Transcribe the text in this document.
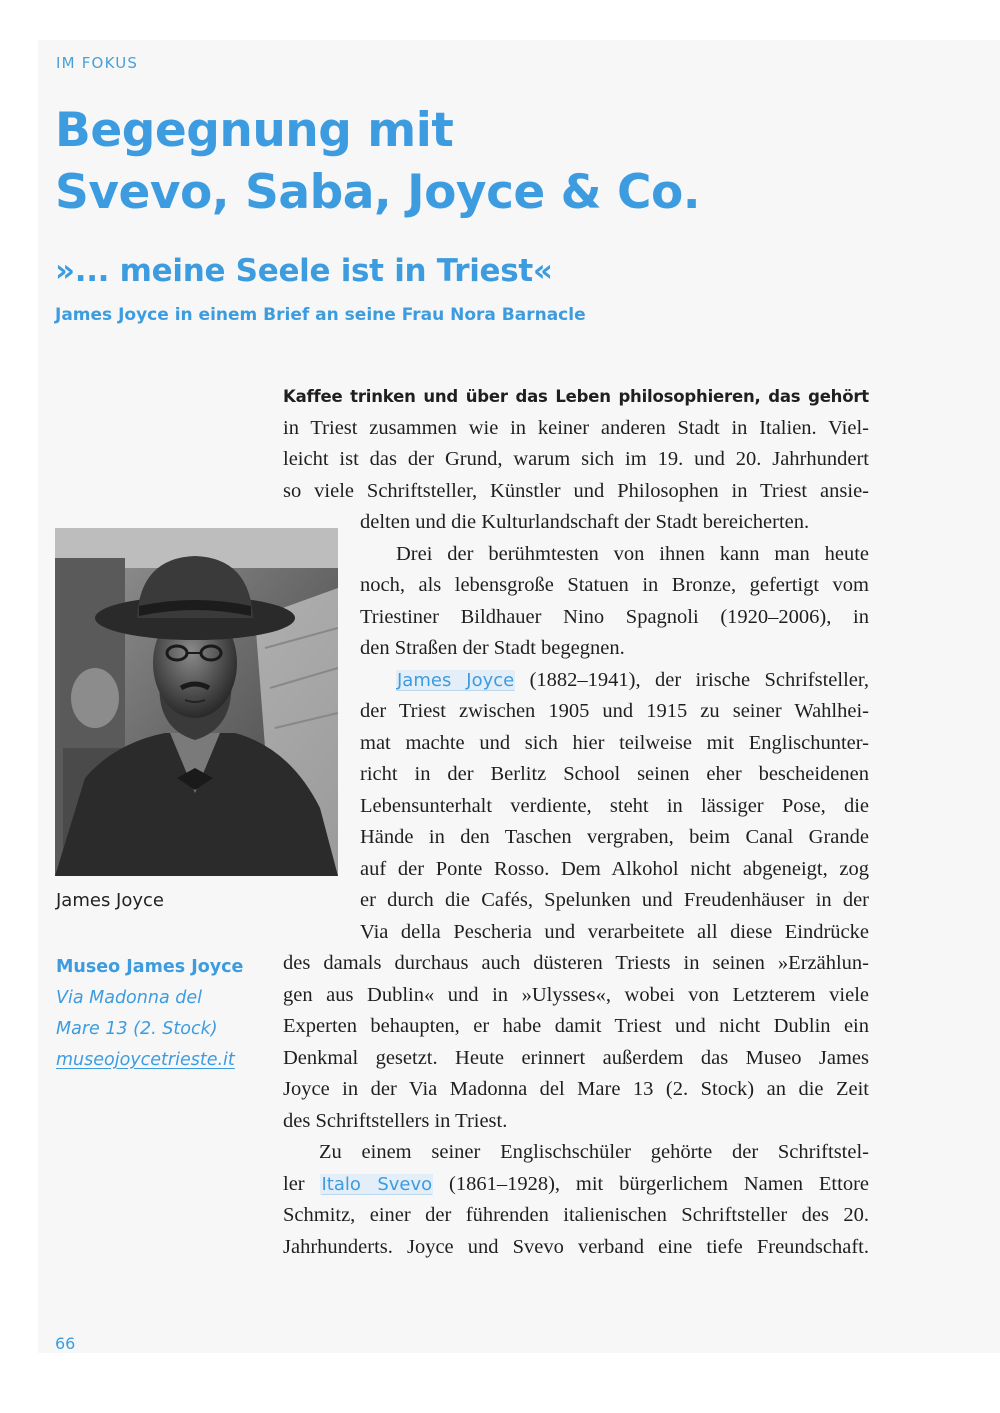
IM FOKUS
Begegnung mit
Svevo, Saba, Joyce & Co.
»... meine Seele ist in Triest«
James Joyce in einem Brief an seine Frau Nora Barnacle
James Joyce
Museo James Joyce
Via Madonna del
Mare 13 (2. Stock)
museojoycetrieste.it
Kaffee trinken und über das Leben philosophieren, das gehört
in Triest zusammen wie in keiner anderen Stadt in Italien. Viel-
leicht ist das der Grund, warum sich im 19. und 20. Jahrhundert
so viele Schriftsteller, Künstler und Philosophen in Triest ansie-
delten und die Kulturlandschaft der Stadt bereicherten.
Drei der berühmtesten von ihnen kann man heute
noch, als lebensgroße Statuen in Bronze, gefertigt vom
Triestiner Bildhauer Nino Spagnoli (1920–2006), in
den Straßen der Stadt begegnen.
James Joyce (1882–1941), der irische Schrifsteller,
der Triest zwischen 1905 und 1915 zu seiner Wahlhei-
mat machte und sich hier teilweise mit Englischunter-
richt in der Berlitz School seinen eher bescheidenen
Lebensunterhalt verdiente, steht in lässiger Pose, die
Hände in den Taschen vergraben, beim Canal Grande
auf der Ponte Rosso. Dem Alkohol nicht abgeneigt, zog
er durch die Cafés, Spelunken und Freudenhäuser in der
Via della Pescheria und verarbeitete all diese Eindrücke
des damals durchaus auch düsteren Triests in seinen »Erzählun-
gen aus Dublin« und in »Ulysses«, wobei von Letzterem viele
Experten behaupten, er habe damit Triest und nicht Dublin ein
Denkmal gesetzt. Heute erinnert außerdem das Museo James
Joyce in der Via Madonna del Mare 13 (2. Stock) an die Zeit
des Schriftstellers in Triest.
Zu einem seiner Englischschüler gehörte der Schriftstel-
ler Italo Svevo (1861–1928), mit bürgerlichem Namen Ettore
Schmitz, einer der führenden italienischen Schriftsteller des 20.
Jahrhunderts. Joyce und Svevo verband eine tiefe Freundschaft.
66
